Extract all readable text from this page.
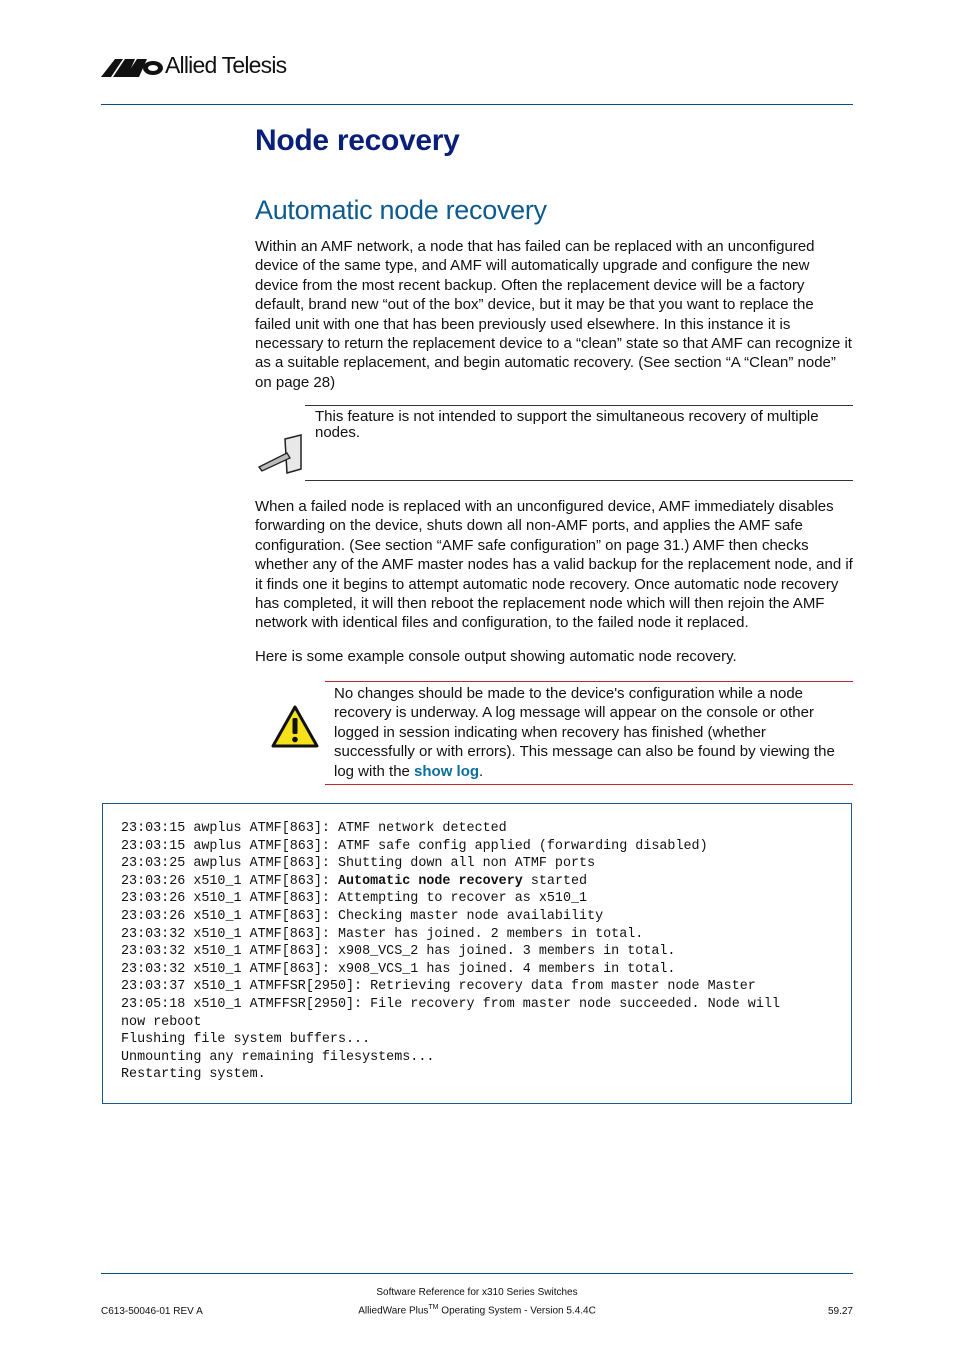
Allied Telesis
Node recovery
Automatic node recovery

Within an AMF network, a node that has failed can be replaced with an unconfigured device of the same type, and AMF will automatically upgrade and configure the new device from the most recent backup. Often the replacement device will be a factory default, brand new “out of the box” device, but it may be that you want to replace the failed unit with one that has been previously used elsewhere. In this instance it is necessary to return the replacement device to a “clean” state so that AMF can recognize it as a suitable replacement, and begin automatic recovery. (See section “A “Clean” node” on page 28)

This feature is not intended to support the simultaneous recovery of multiple nodes.

When a failed node is replaced with an unconfigured device, AMF immediately disables forwarding on the device, shuts down all non-AMF ports, and applies the AMF safe configuration. (See section “AMF safe configuration” on page 31.) AMF then checks whether any of the AMF master nodes has a valid backup for the replacement node, and if it finds one it begins to attempt automatic node recovery. Once automatic node recovery has completed, it will then reboot the replacement node which will then rejoin the AMF network with identical files and configuration, to the failed node it replaced.

Here is some example console output showing automatic node recovery.

No changes should be made to the device's configuration while a node recovery is underway. A log message will appear on the console or other logged in session indicating when recovery has finished (whether successfully or with errors). This message can also be found by viewing the log with the show log.
23:03:15 awplus ATMF[863]: ATMF network detected
23:03:15 awplus ATMF[863]: ATMF safe config applied (forwarding disabled)
23:03:25 awplus ATMF[863]: Shutting down all non ATMF ports
23:03:26 x510_1 ATMF[863]: Automatic node recovery started
23:03:26 x510_1 ATMF[863]: Attempting to recover as x510_1
23:03:26 x510_1 ATMF[863]: Checking master node availability
23:03:32 x510_1 ATMF[863]: Master has joined. 2 members in total.
23:03:32 x510_1 ATMF[863]: x908_VCS_2 has joined. 3 members in total.
23:03:32 x510_1 ATMF[863]: x908_VCS_1 has joined. 4 members in total.
23:03:37 x510_1 ATMFFSR[2950]: Retrieving recovery data from master node Master
23:05:18 x510_1 ATMFFSR[2950]: File recovery from master node succeeded. Node will
now reboot
Flushing file system buffers...
Unmounting any remaining filesystems...
Restarting system.
Software Reference for x310 Series Switches
C613-50046-01 REV A	AlliedWare Plus™ Operating System - Version 5.4.4C	59.27
